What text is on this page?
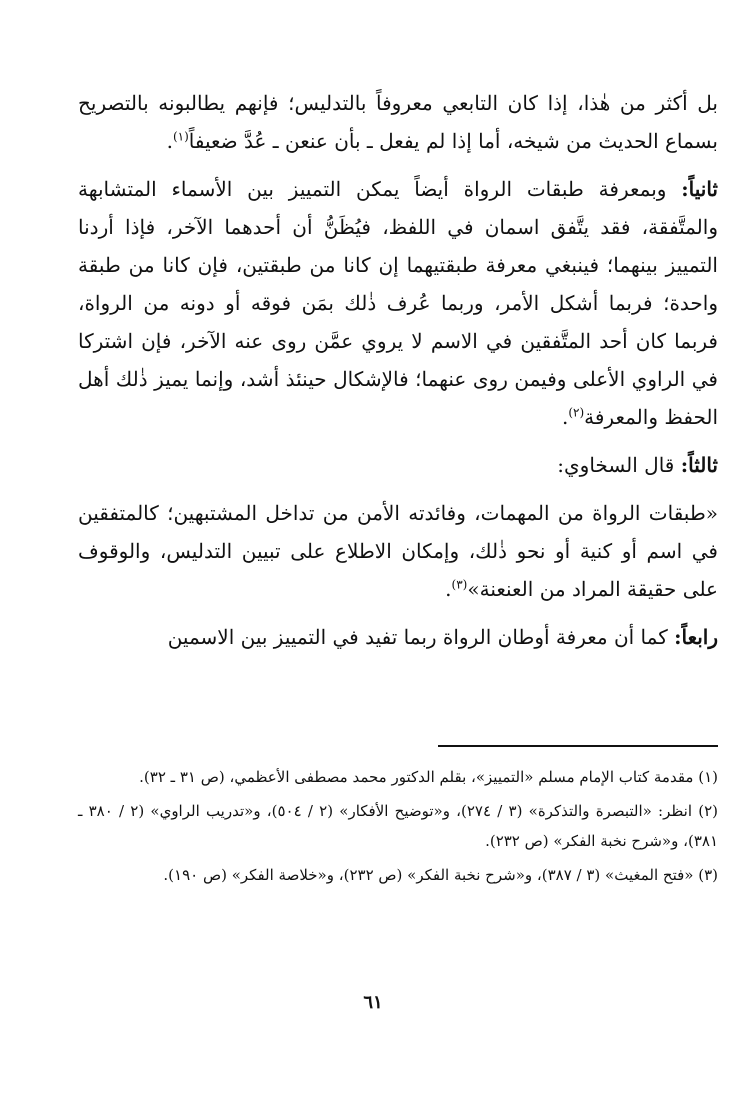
بل أكثر من هٰذا، إذا كان التابعي معروفاً بالتدليس؛ فإنهم يطالبونه بالتصريح بسماع الحديث من شيخه، أما إذا لم يفعل ـ بأن عنعن ـ عُدَّ ضعيفاً$^{(١)}$.

ثانياً: وبمعرفة طبقات الرواة أيضاً يمكن التمييز بين الأسماء المتشابهة والمتَّفقة، فقد يتَّفق اسمان في اللفظ، فيُظَنُّ أن أحدهما الآخر، فإذا أردنا التمييز بينهما؛ فينبغي معرفة طبقتيهما إن كانا من طبقتين، فإن كانا من طبقة واحدة؛ فربما أشكل الأمر، وربما عُرف ذٰلك بمَن فوقه أو دونه من الرواة، فربما كان أحد المتَّفقين في الاسم لا يروي عمَّن روى عنه الآخر، فإن اشتركا في الراوي الأعلى وفيمن روى عنهما؛ فالإشكال حينئذ أشد، وإنما يميز ذٰلك أهل الحفظ والمعرفة$^{(٢)}$.

ثالثاً: قال السخاوي:

«طبقات الرواة من المهمات، وفائدته الأمن من تداخل المشتبهين؛ كالمتفقين في اسم أو كنية أو نحو ذٰلك، وإمكان الاطلاع على تبيين التدليس، والوقوف على حقيقة المراد من العنعنة»$^{(٣)}$.

رابعاً: كما أن معرفة أوطان الرواة ربما تفيد في التمييز بين الاسمين

(١) مقدمة كتاب الإمام مسلم «التمييز»، بقلم الدكتور محمد مصطفى الأعظمي، (ص ٣١ ـ ٣٢).

(٢) انظر: «التبصرة والتذكرة» (٣ / ٢٧٤)، و«توضيح الأفكار» (٢ / ٥٠٤)، و«تدريب الراوي» (٢ / ٣٨٠ ـ ٣٨١)، و«شرح نخبة الفكر» (ص ٢٣٢).

(٣) «فتح المغيث» (٣ / ٣٨٧)، و«شرح نخبة الفكر» (ص ٢٣٢)، و«خلاصة الفكر» (ص ١٩٠).

٦١
